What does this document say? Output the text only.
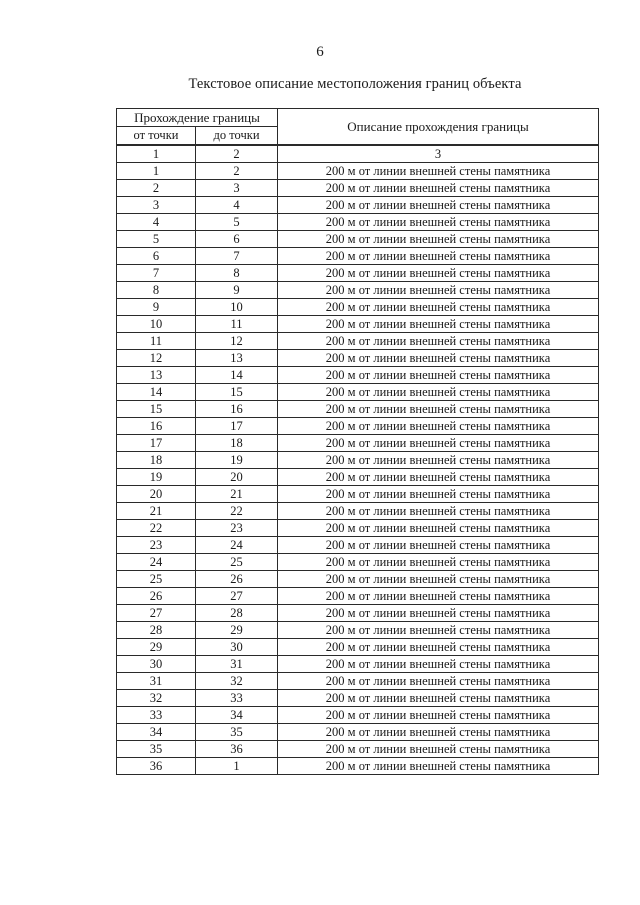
6
Текстовое описание местоположения границ объекта
Прохождение границы		Описание прохождения границы
от точки	до точки	
1	2	3
1	2	200 м от линии внешней стены памятника
2	3	200 м от линии внешней стены памятника
3	4	200 м от линии внешней стены памятника
4	5	200 м от линии внешней стены памятника
5	6	200 м от линии внешней стены памятника
6	7	200 м от линии внешней стены памятника
7	8	200 м от линии внешней стены памятника
8	9	200 м от линии внешней стены памятника
9	10	200 м от линии внешней стены памятника
10	11	200 м от линии внешней стены памятника
11	12	200 м от линии внешней стены памятника
12	13	200 м от линии внешней стены памятника
13	14	200 м от линии внешней стены памятника
14	15	200 м от линии внешней стены памятника
15	16	200 м от линии внешней стены памятника
16	17	200 м от линии внешней стены памятника
17	18	200 м от линии внешней стены памятника
18	19	200 м от линии внешней стены памятника
19	20	200 м от линии внешней стены памятника
20	21	200 м от линии внешней стены памятника
21	22	200 м от линии внешней стены памятника
22	23	200 м от линии внешней стены памятника
23	24	200 м от линии внешней стены памятника
24	25	200 м от линии внешней стены памятника
25	26	200 м от линии внешней стены памятника
26	27	200 м от линии внешней стены памятника
27	28	200 м от линии внешней стены памятника
28	29	200 м от линии внешней стены памятника
29	30	200 м от линии внешней стены памятника
30	31	200 м от линии внешней стены памятника
31	32	200 м от линии внешней стены памятника
32	33	200 м от линии внешней стены памятника
33	34	200 м от линии внешней стены памятника
34	35	200 м от линии внешней стены памятника
35	36	200 м от линии внешней стены памятника
36	1	200 м от линии внешней стены памятника
